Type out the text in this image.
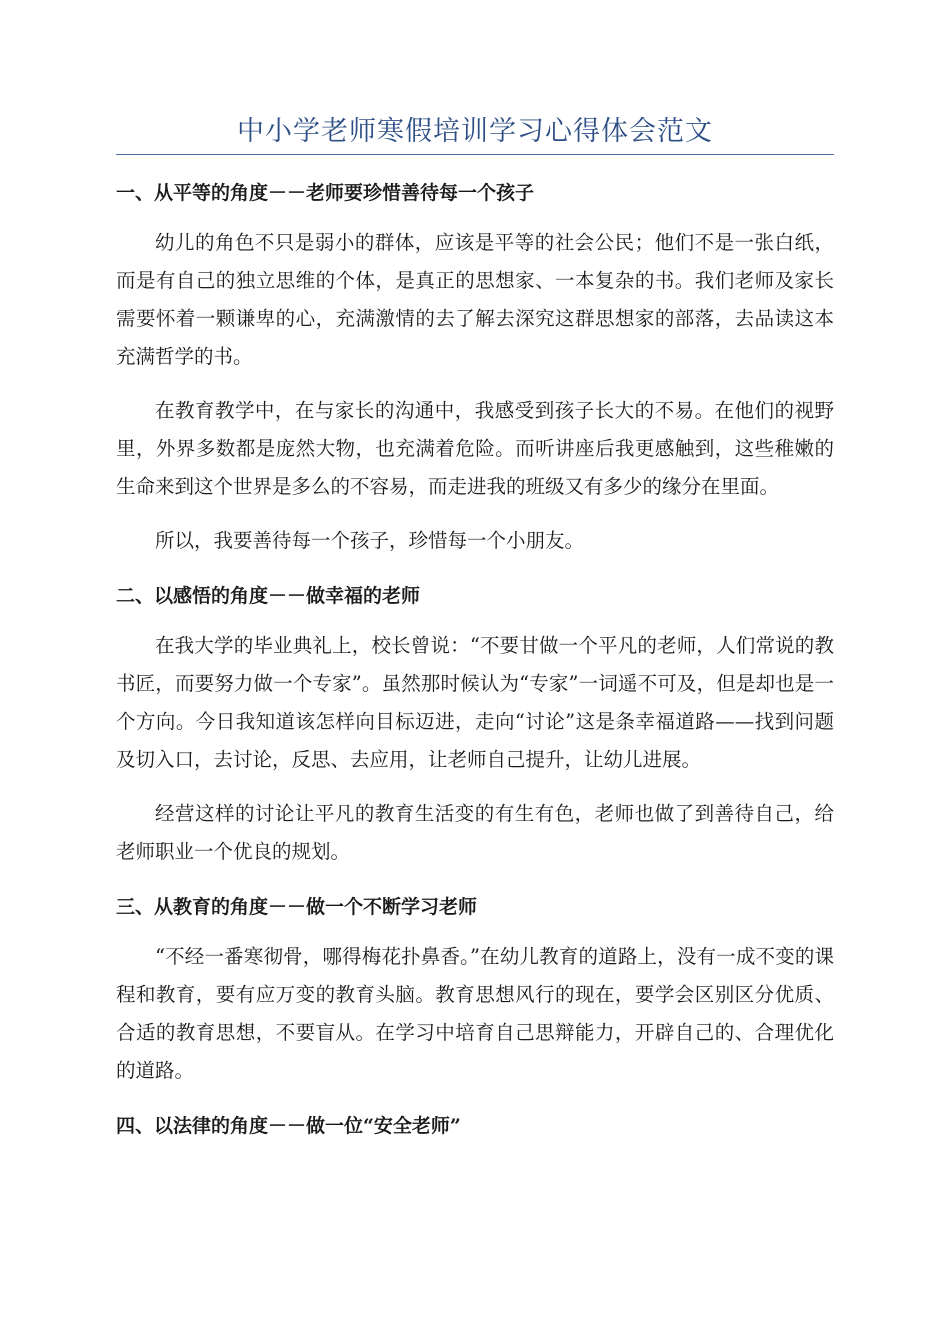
中小学老师寒假培训学习心得体会范文

一、从平等的角度－－老师要珍惜善待每一个孩子

幼儿的角色不只是弱小的群体，应该是平等的社会公民；他们不是一张白纸，而是有自己的独立思维的个体，是真正的思想家、一本复杂的书。我们老师及家长需要怀着一颗谦卑的心，充满激情的去了解去深究这群思想家的部落，去品读这本充满哲学的书。

在教育教学中，在与家长的沟通中，我感受到孩子长大的不易。在他们的视野里，外界多数都是庞然大物，也充满着危险。而听讲座后我更感触到，这些稚嫩的生命来到这个世界是多么的不容易，而走进我的班级又有多少的缘分在里面。

所以，我要善待每一个孩子，珍惜每一个小朋友。

二、以感悟的角度－－做幸福的老师

在我大学的毕业典礼上，校长曾说：“不要甘做一个平凡的老师，人们常说的教书匠，而要努力做一个专家”。虽然那时候认为“专家”一词遥不可及，但是却也是一个方向。今日我知道该怎样向目标迈进，走向“讨论”这是条幸福道路——找到问题及切入口，去讨论，反思、去应用，让老师自己提升，让幼儿进展。

经营这样的讨论让平凡的教育生活变的有生有色，老师也做了到善待自己，给老师职业一个优良的规划。

三、从教育的角度－－做一个不断学习老师

“不经一番寒彻骨，哪得梅花扑鼻香。”在幼儿教育的道路上，没有一成不变的课程和教育，要有应万变的教育头脑。教育思想风行的现在，要学会区别区分优质、合适的教育思想，不要盲从。在学习中培育自己思辩能力，开辟自己的、合理优化的道路。

四、以法律的角度－－做一位“安全老师”
